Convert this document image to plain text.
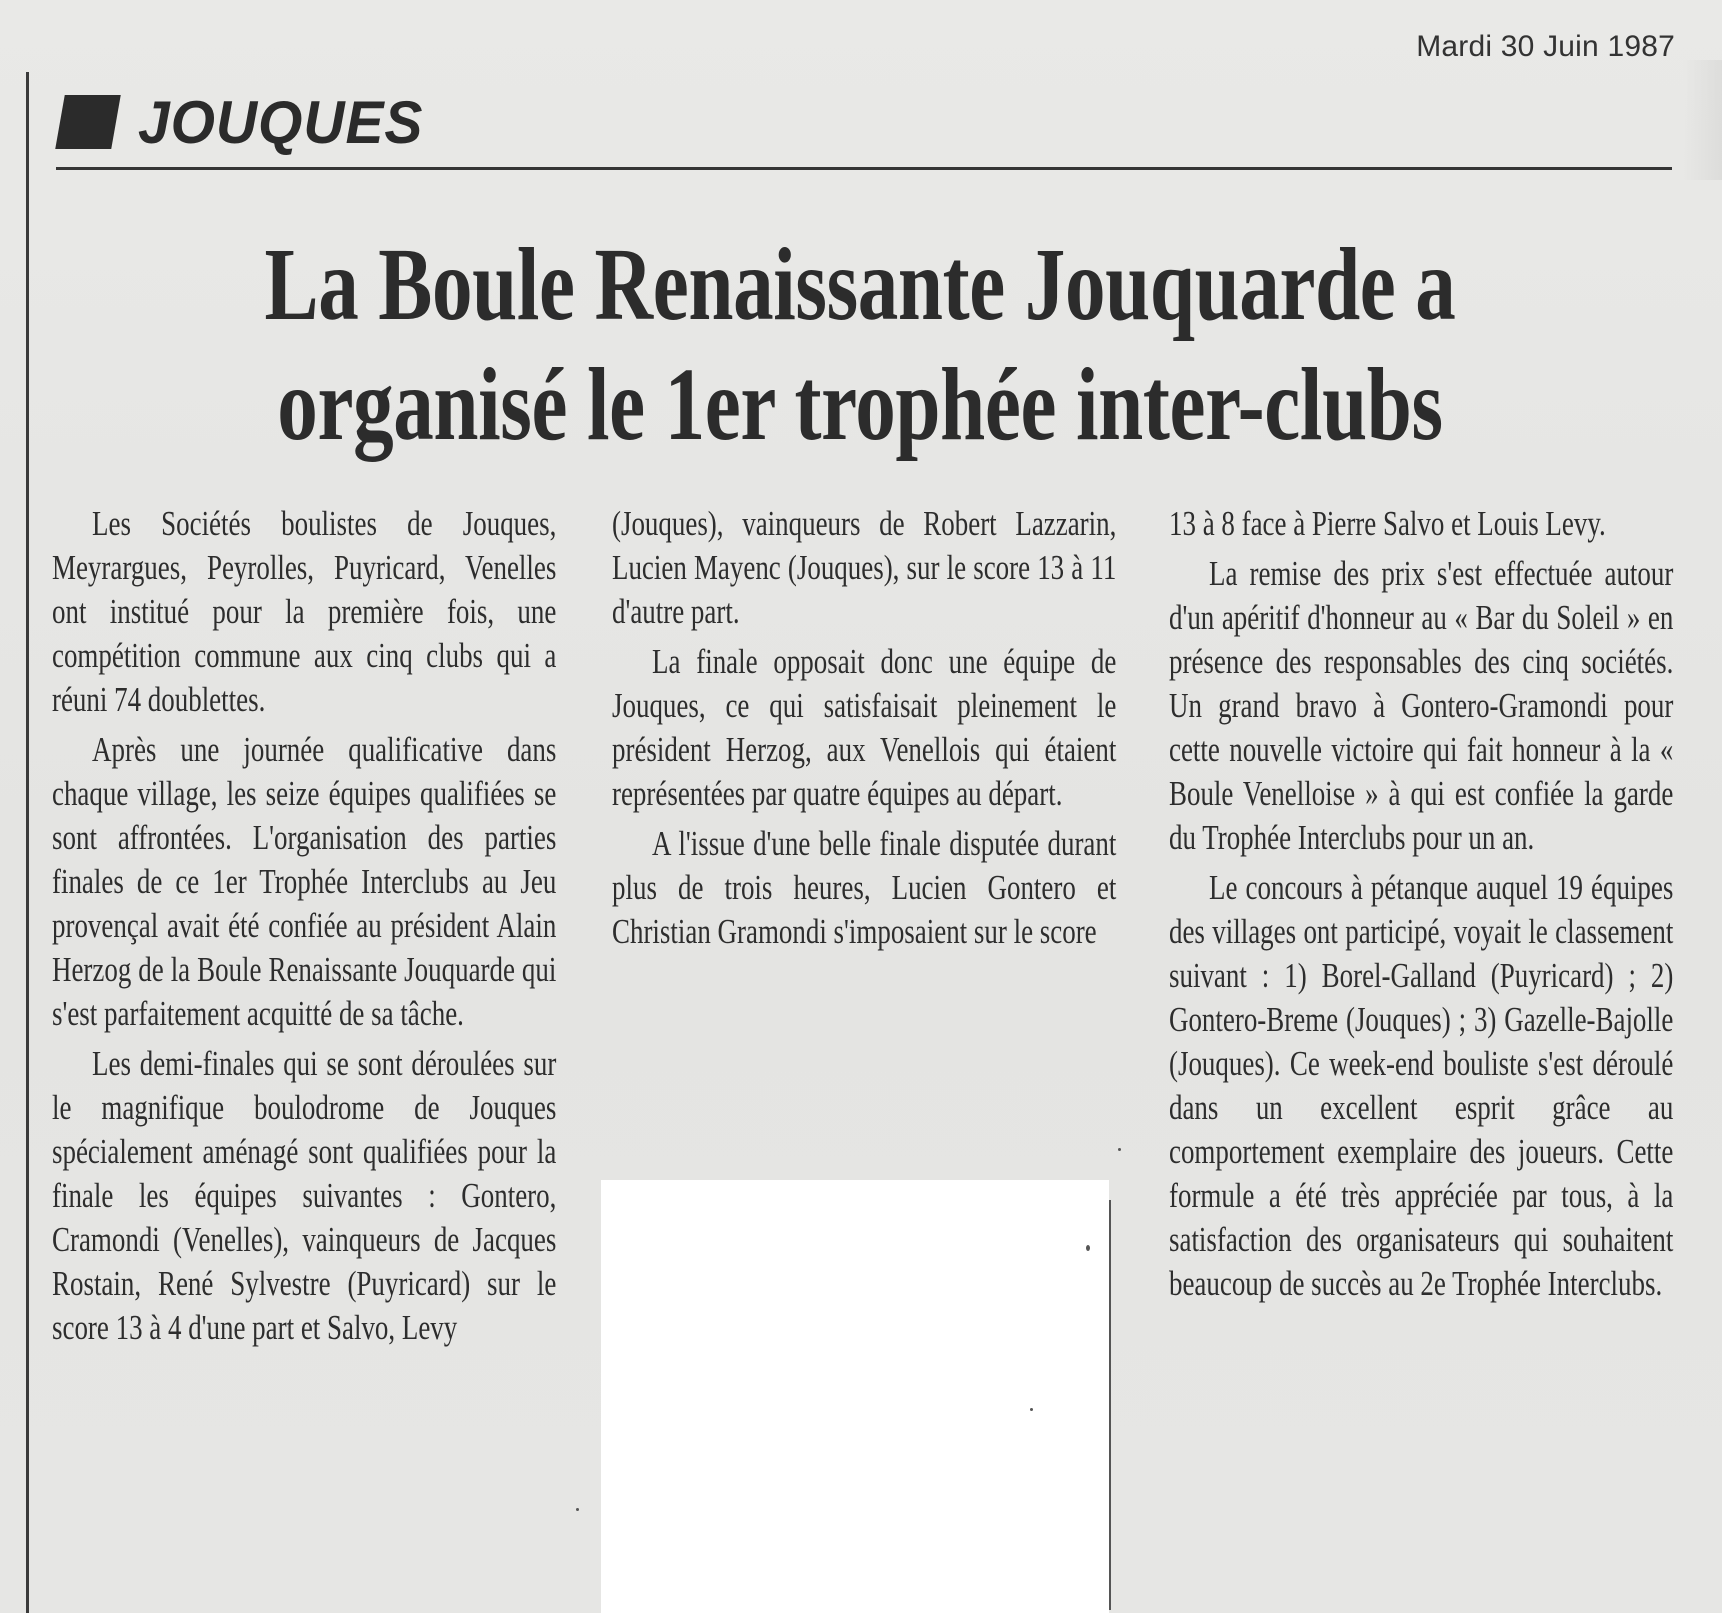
Mardi 30 Juin 1987
JOUQUES
La Boule Renaissante Jouquarde a
organisé le 1er trophée inter-clubs

Les Sociétés boulistes de Jouques, Meyrargues, Peyrolles, Puyricard, Venelles ont institué pour la première fois, une compétition commune aux cinq clubs qui a réuni 74 doublettes.

Après une journée qualificative dans chaque village, les seize équipes qualifiées se sont affrontées. L'organisation des parties finales de ce 1er Trophée Interclubs au Jeu provençal avait été confiée au président Alain Herzog de la Boule Renaissante Jouquarde qui s'est parfaitement acquitté de sa tâche.

Les demi-finales qui se sont déroulées sur le magnifique boulodrome de Jouques spécialement aménagé sont qualifiées pour la finale les équipes suivantes : Gontero, Cramondi (Venelles), vainqueurs de Jacques Rostain, René Sylvestre (Puyricard) sur le score 13 à 4 d'une part et Salvo, Levy

(Jouques), vainqueurs de Robert Lazzarin, Lucien Mayenc (Jouques), sur le score 13 à 11 d'autre part.

La finale opposait donc une équipe de Jouques, ce qui satisfaisait pleinement le président Herzog, aux Venellois qui étaient représentées par quatre équipes au départ.

A l'issue d'une belle finale disputée durant plus de trois heures, Lucien Gontero et Christian Gramondi s'imposaient sur le score

13 à 8 face à Pierre Salvo et Louis Levy.

La remise des prix s'est effectuée autour d'un apéritif d'honneur au « Bar du Soleil » en présence des responsables des cinq sociétés. Un grand bravo à Gontero-Gramondi pour cette nouvelle victoire qui fait honneur à la « Boule Venelloise » à qui est confiée la garde du Trophée Interclubs pour un an.

Le concours à pétanque auquel 19 équipes des villages ont participé, voyait le classement suivant : 1) Borel-Galland (Puyricard) ; 2) Gontero-Breme (Jouques) ; 3) Gazelle-Bajolle (Jouques). Ce week-end bouliste s'est déroulé dans un excellent esprit grâce au comportement exemplaire des joueurs. Cette formule a été très appréciée par tous, à la satisfaction des organisateurs qui souhaitent beaucoup de succès au 2e Trophée Interclubs.
